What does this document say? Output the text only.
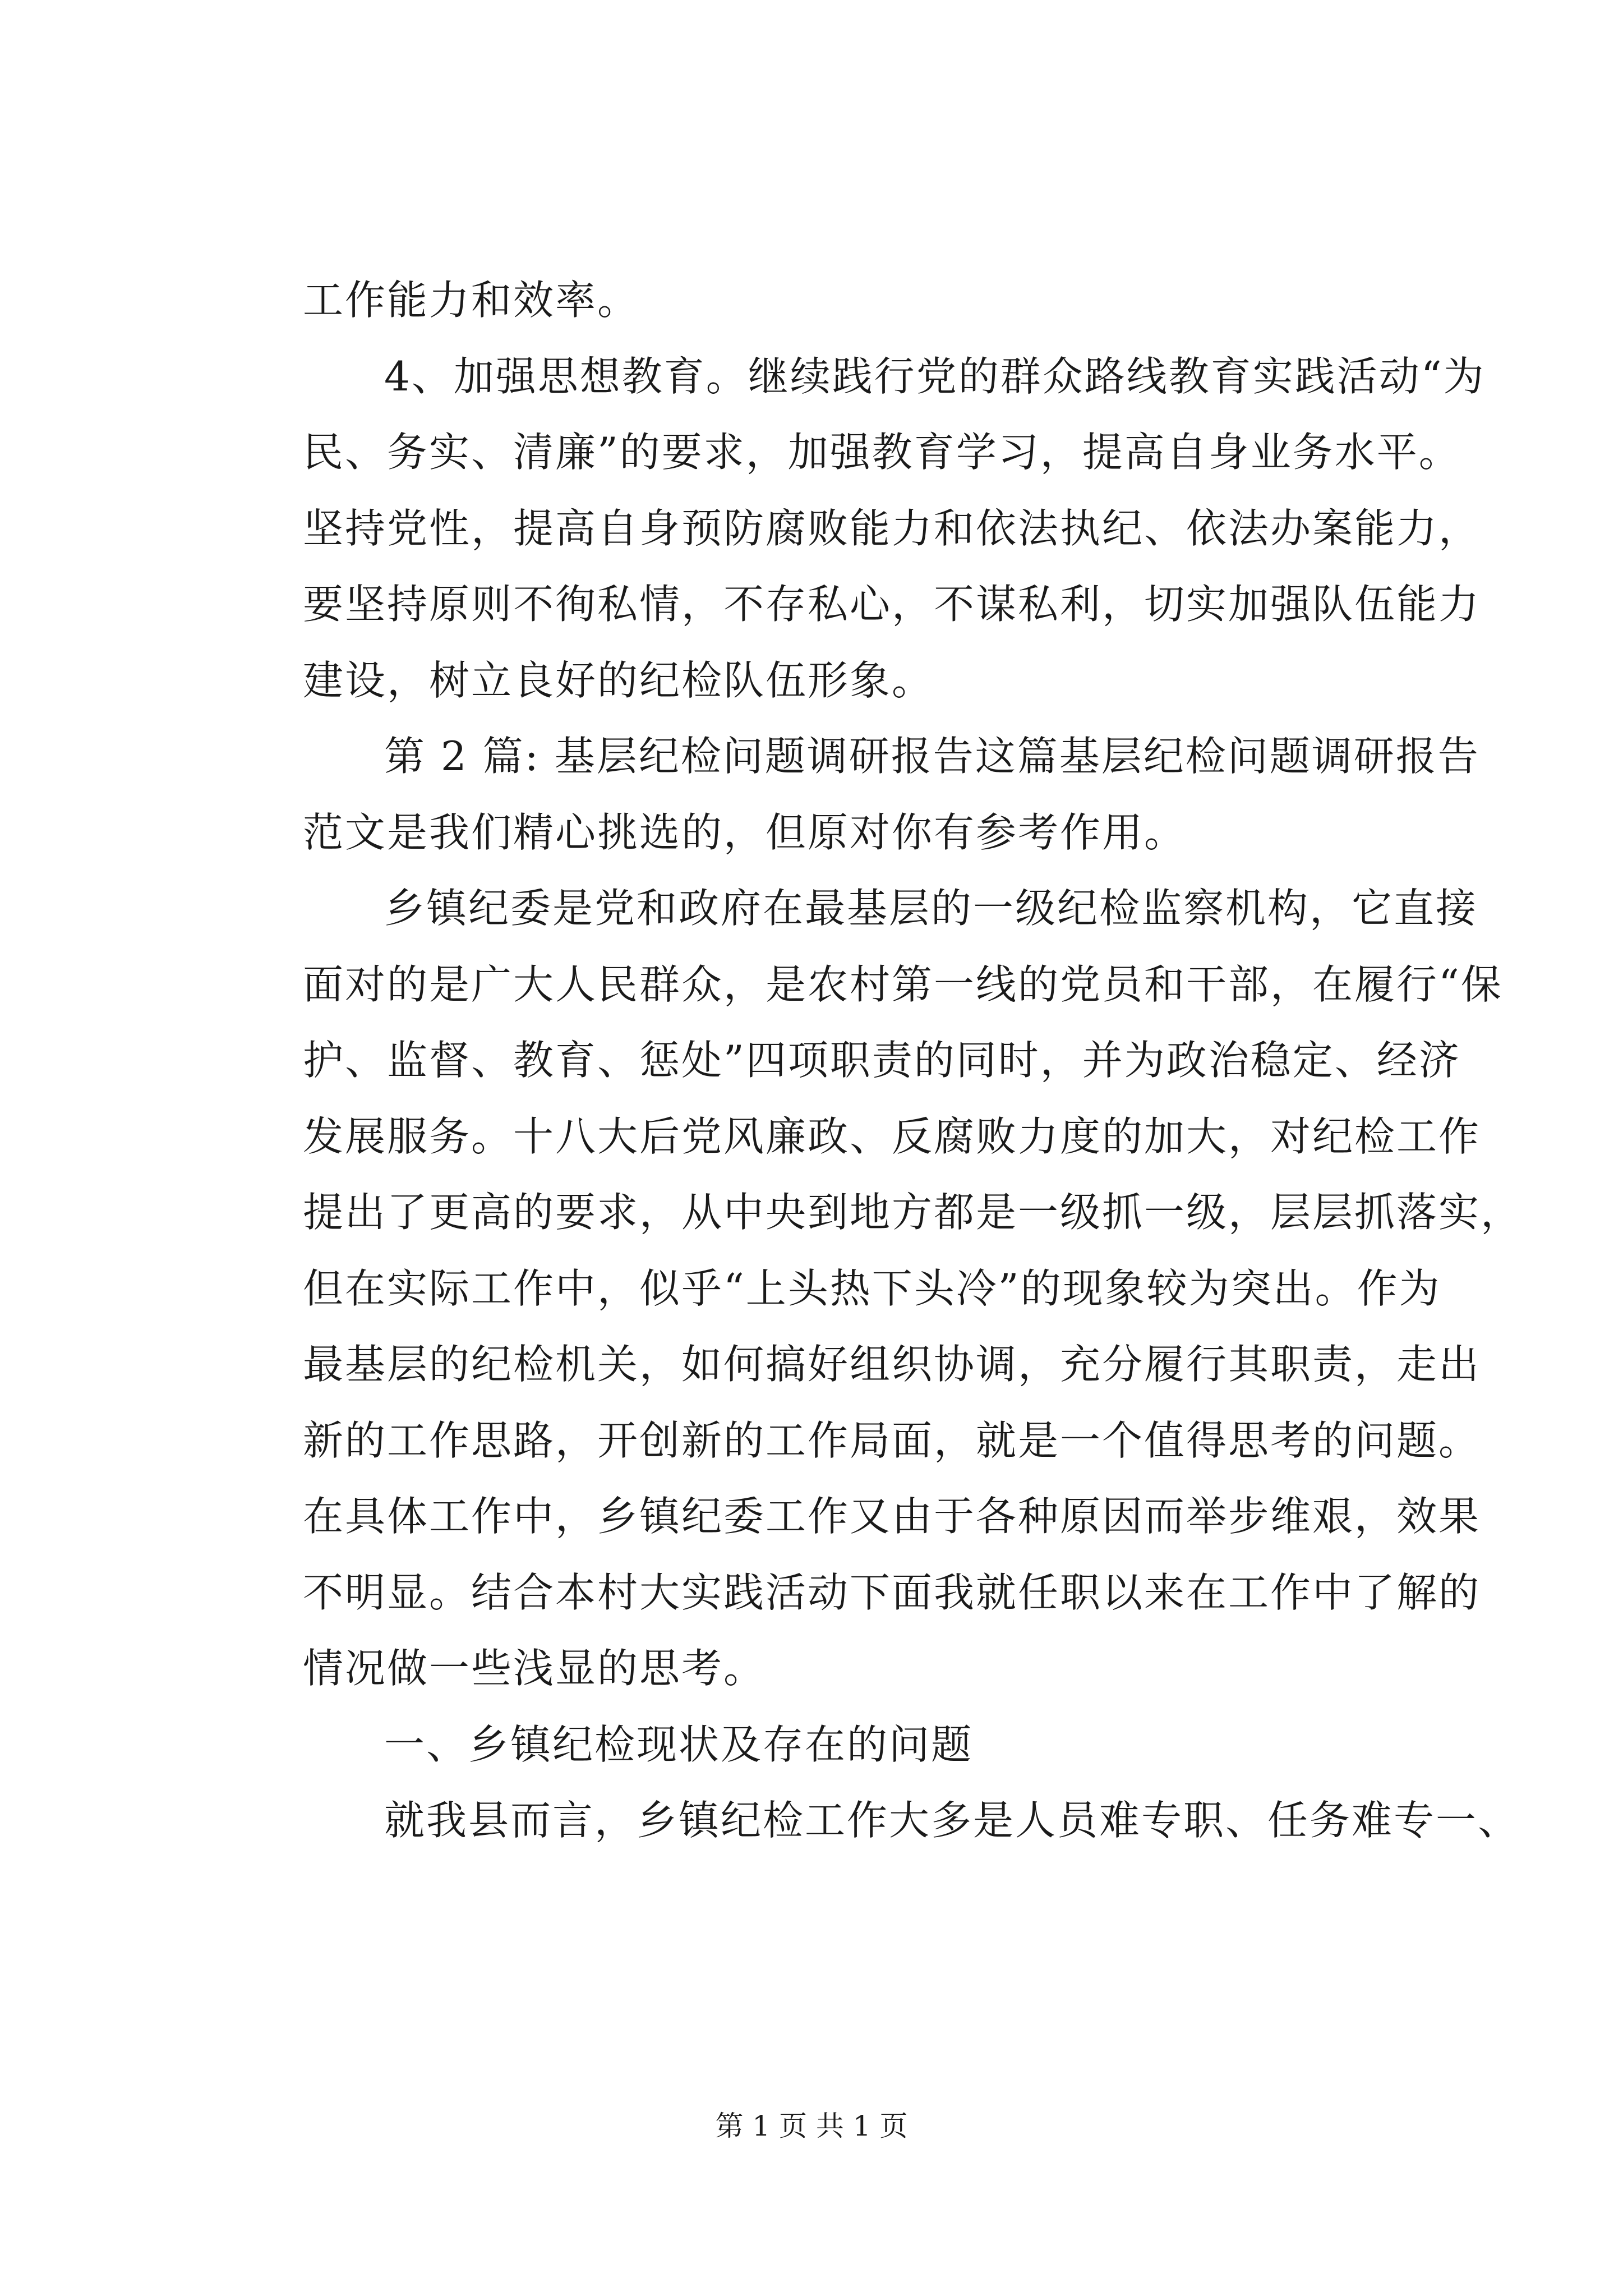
工作能力和效率。
4、加强思想教育。继续践行党的群众路线教育实践活动“为
民、务实、清廉”的要求，加强教育学习，提高自身业务水平。
坚持党性，提高自身预防腐败能力和依法执纪、依法办案能力，
要坚持原则不徇私情，不存私心，不谋私利，切实加强队伍能力
建设，树立良好的纪检队伍形象。
第 2 篇: 基层纪检问题调研报告这篇基层纪检问题调研报告
范文是我们精心挑选的，但原对你有参考作用。
乡镇纪委是党和政府在最基层的一级纪检监察机构，它直接
面对的是广大人民群众，是农村第一线的党员和干部，在履行“保
护、监督、教育、惩处”四项职责的同时，并为政治稳定、经济
发展服务。十八大后党风廉政、反腐败力度的加大，对纪检工作
提出了更高的要求，从中央到地方都是一级抓一级，层层抓落实，
但在实际工作中，似乎“上头热下头冷”的现象较为突出。作为
最基层的纪检机关，如何搞好组织协调，充分履行其职责，走出
新的工作思路，开创新的工作局面，就是一个值得思考的问题。
在具体工作中，乡镇纪委工作又由于各种原因而举步维艰，效果
不明显。结合本村大实践活动下面我就任职以来在工作中了解的
情况做一些浅显的思考。
一、乡镇纪检现状及存在的问题
就我县而言，乡镇纪检工作大多是人员难专职、任务难专一、
第 1 页 共 1 页
